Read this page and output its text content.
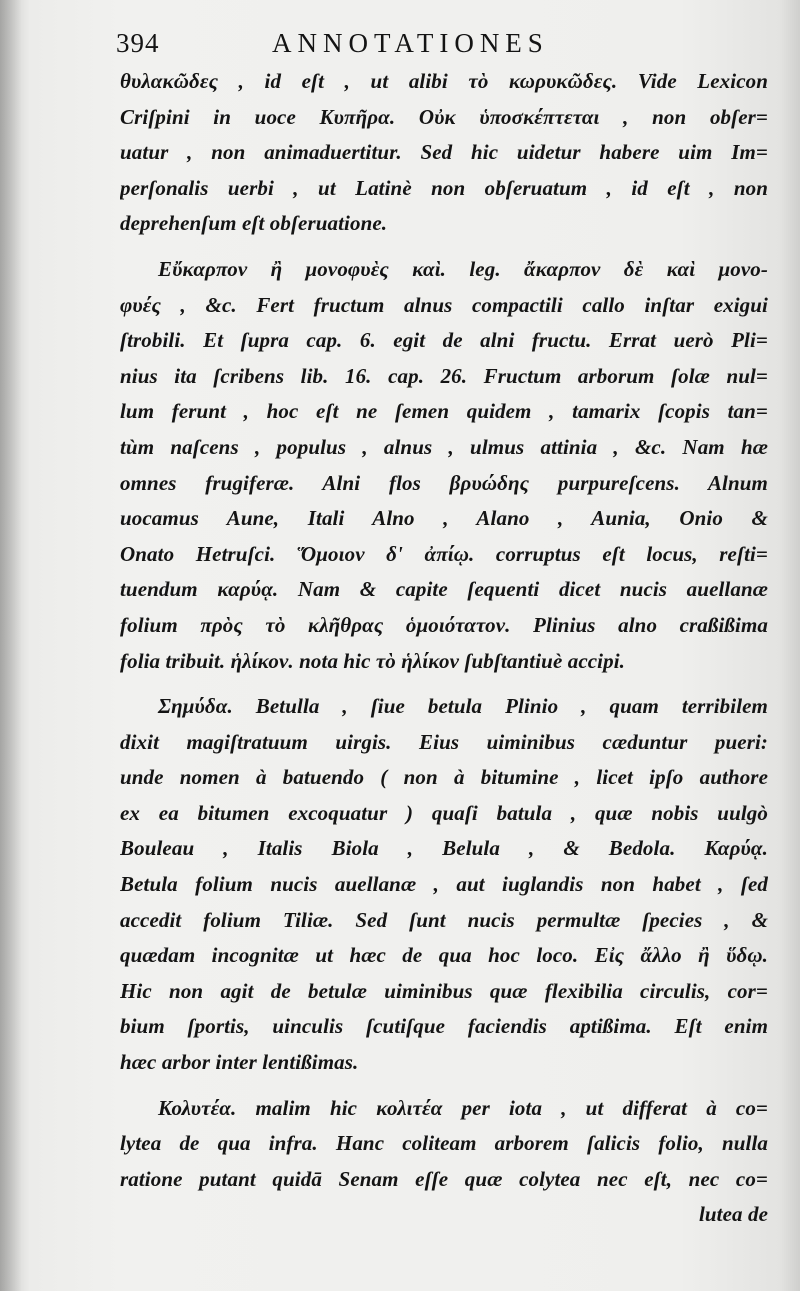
394	ANNOTATIONES
θυλακῶδες , id eſt , ut alibi τὸ κωρυκῶδες. Vide Lexicon
Criſpini in uoce Κυπῆρα. Οὐκ ὑποσκέπτεται , non obſer=
uatur , non animaduertitur. Sed hic uidetur habere uim Im=
perſonalis uerbi , ut Latinè non obſeruatum , id eſt , non
deprehenſum eſt obſeruatione.
Εὔκαρπον ἢ μονοφυὲς καὶ. leg. ἄκαρπον δὲ καὶ μονο-
φυές , &c. Fert fructum alnus compactili callo inſtar exigui
ſtrobili. Et ſupra cap. 6. egit de alni fructu. Errat uerò Pli=
nius ita ſcribens lib. 16. cap. 26. Fructum arborum ſolæ nul=
lum ferunt , hoc eſt ne ſemen quidem , tamarix ſcopis tan=
tùm naſcens , populus , alnus , ulmus attinia , &c. Nam hæ
omnes frugiferæ. Alni flos βρυώδης purpureſcens. Alnum
uocamus Aune, Itali Alno , Alano , Aunia, Onio &
Onato Hetruſci. Ὅμοιον δ' ἀπίῳ. corruptus eſt locus, reſti=
tuendum καρύᾳ. Nam & capite ſequenti dicet nucis auellanæ
folium πρὸς τὸ κλῆθρας ὁμοιότατον. Plinius alno craßißima
folia tribuit. ἡλίκον. nota hic τὸ ἡλίκον ſubſtantiuè accipi.
Σημύδα. Betulla , ſiue betula Plinio , quam terribilem
dixit magiſtratuum uirgis. Eius uiminibus cæduntur pueri:
unde nomen à batuendo ( non à bitumine , licet ipſo authore
ex ea bitumen excoquatur ) quaſi batula , quæ nobis uulgò
Bouleau , Italis Biola , Belula , & Bedola. Καρύᾳ.
Betula folium nucis auellanæ , aut iuglandis non habet , ſed
accedit folium Tiliæ. Sed ſunt nucis permultæ ſpecies , &
quædam incognitæ ut hæc de qua hoc loco. Εἰς ἄλλο ἢ ὕδῳ.
Hic non agit de betulæ uiminibus quæ flexibilia circulis, cor=
bium ſportis, uinculis ſcutiſque faciendis aptißima. Eſt enim
hæc arbor inter lentißimas.
Κολυτέα. malim hic κολιτέα per iota , ut differat à co=
lytea de qua infra. Hanc coliteam arborem ſalicis folio, nulla
ratione putant quidā Senam eſſe quæ colytea nec eſt, nec co=
lutea de
